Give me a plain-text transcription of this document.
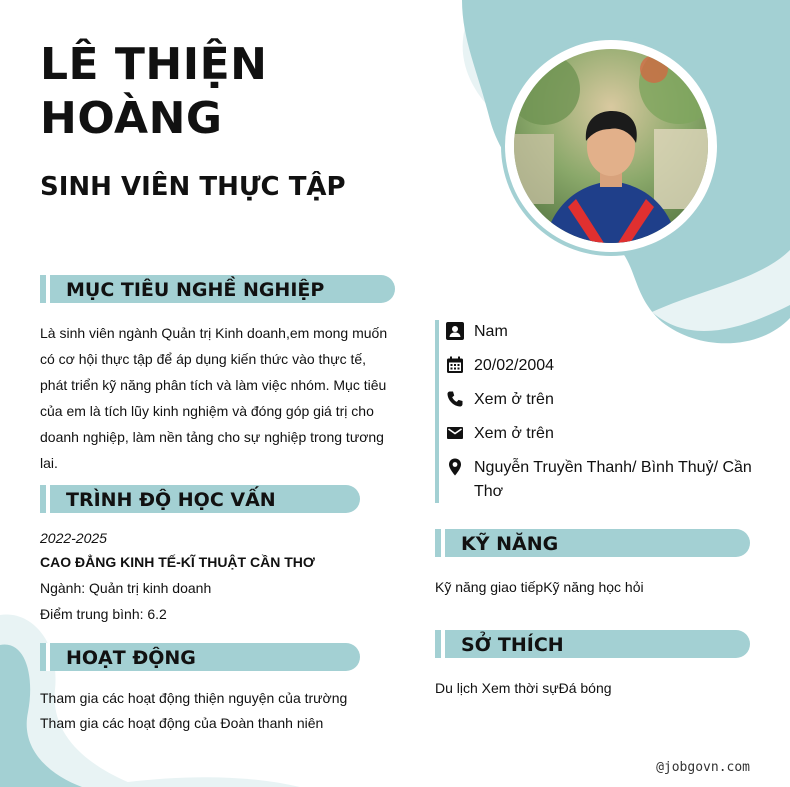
LÊ THIỆN
HOÀNG
SINH VIÊN THỰC TẬP
MỤC TIÊU NGHỀ NGHIỆP
Là sinh viên ngành Quản trị Kinh doanh,em mong muốn có cơ hội thực tập để áp dụng kiến thức vào thực tế, phát triển kỹ năng phân tích và làm việc nhóm. Mục tiêu của em là tích lũy kinh nghiệm và đóng góp giá trị cho doanh nghiệp, làm nền tảng cho sự nghiệp trong tương lai.
TRÌNH ĐỘ HỌC VẤN
2022-2025
CAO ĐẲNG KINH TẾ-KĨ THUẬT CẦN THƠ
Ngành: Quản trị kinh doanh
Điểm trung bình: 6.2
HOẠT ĐỘNG
Tham gia các hoạt động thiện nguyện của trường
Tham gia các hoạt động của Đoàn thanh niên
Nam
20/02/2004
Xem ở trên
Xem ở trên
Nguyễn Truyền Thanh/ Bình Thuỷ/ Cần Thơ
KỸ NĂNG
Kỹ năng giao tiếpKỹ năng học hỏi
SỞ THÍCH
Du lịch Xem thời sựĐá bóng
@jobgovn.com
